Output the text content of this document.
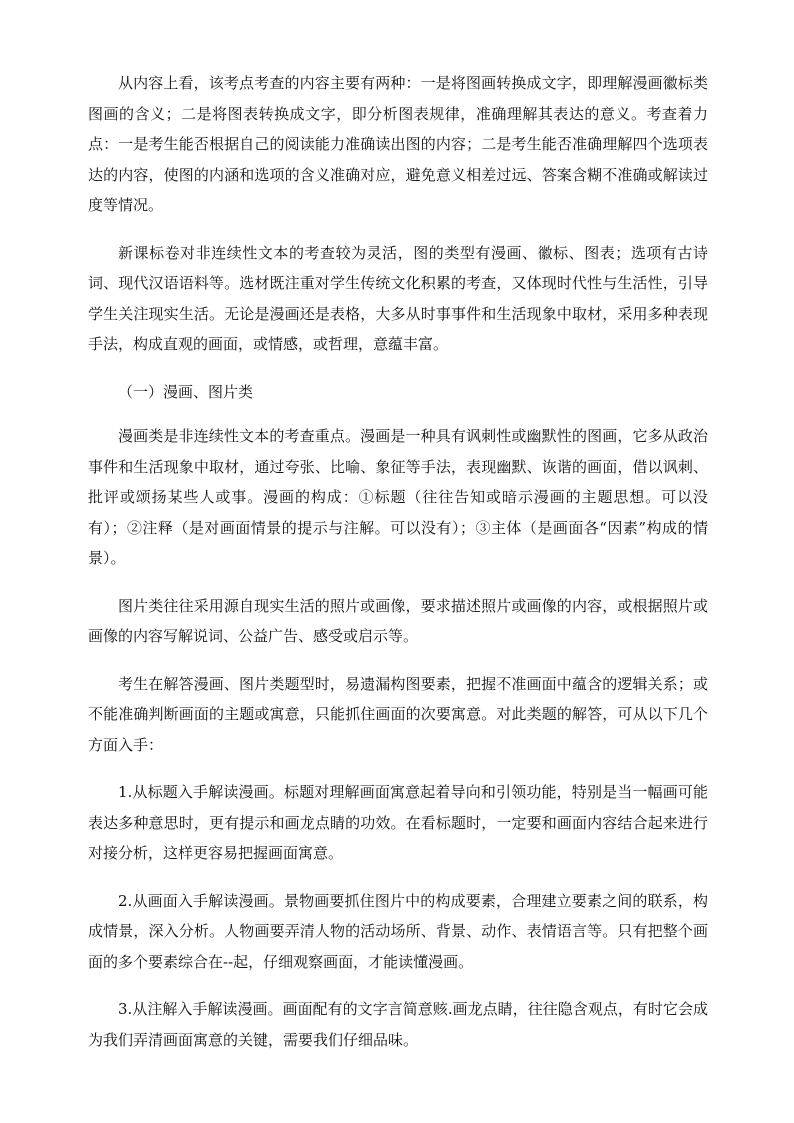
从内容上看，该考点考查的内容主要有两种：一是将图画转换成文字，即理解漫画徽标类图画的含义；二是将图表转换成文字，即分析图表规律，准确理解其表达的意义。考查着力点：一是考生能否根据自己的阅读能力准确读出图的内容；二是考生能否准确理解四个选项表达的内容，使图的内涵和选项的含义准确对应，避免意义相差过远、答案含糊不准确或解读过度等情况。

新课标卷对非连续性文本的考查较为灵活，图的类型有漫画、徽标、图表；选项有古诗词、现代汉语语料等。选材既注重对学生传统文化积累的考查，又体现时代性与生活性，引导学生关注现实生活。无论是漫画还是表格，大多从时事事件和生活现象中取材，采用多种表现手法，构成直观的画面，或情感，或哲理，意蕴丰富。

（一）漫画、图片类

漫画类是非连续性文本的考查重点。漫画是一种具有讽刺性或幽默性的图画，它多从政治事件和生活现象中取材，通过夸张、比喻、象征等手法，表现幽默、诙谐的画面，借以讽刺、批评或颂扬某些人或事。漫画的构成：①标题（往往告知或暗示漫画的主题思想。可以没有）；②注释（是对画面情景的提示与注解。可以没有）；③主体（是画面各“因素”构成的情景）。

图片类往往采用源自现实生活的照片或画像，要求描述照片或画像的内容，或根据照片或画像的内容写解说词、公益广告、感受或启示等。

考生在解答漫画、图片类题型时，易遗漏构图要素，把握不准画面中蕴含的逻辑关系；或不能准确判断画面的主题或寓意，只能抓住画面的次要寓意。对此类题的解答，可从以下几个方面入手：

1.从标题入手解读漫画。标题对理解画面寓意起着导向和引领功能，特别是当一幅画可能表达多种意思时，更有提示和画龙点睛的功效。在看标题时，一定要和画面内容结合起来进行对接分析，这样更容易把握画面寓意。

2.从画面入手解读漫画。景物画要抓住图片中的构成要素，合理建立要素之间的联系，构成情景，深入分析。人物画要弄清人物的活动场所、背景、动作、表情语言等。只有把整个画面的多个要素综合在--起，仔细观察画面，才能读懂漫画。

3.从注解入手解读漫画。画面配有的文字言简意赅.画龙点睛，往往隐含观点，有时它会成为我们弄清画面寓意的关键，需要我们仔细品味。
